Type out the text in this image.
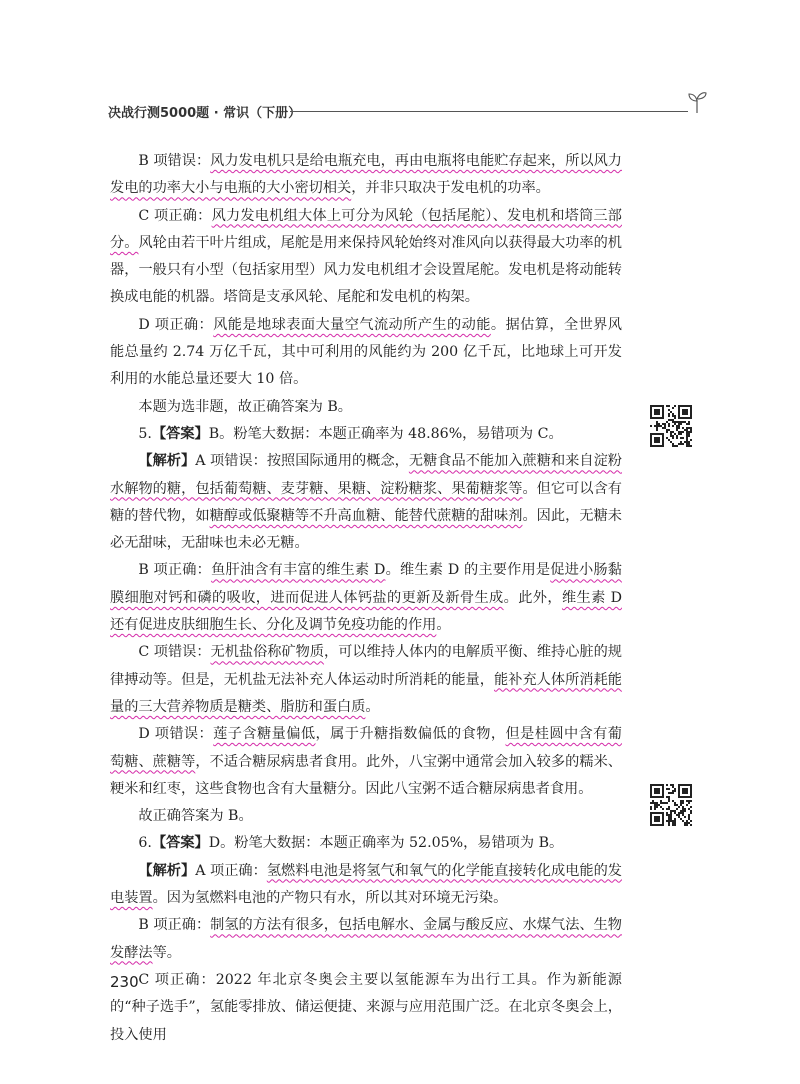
决战行测5000题 · 常识（下册）

B 项错误：风力发电机只是给电瓶充电，再由电瓶将电能贮存起来，所以风力发电的功率大小与电瓶的大小密切相关，并非只取决于发电机的功率。

C 项正确：风力发电机组大体上可分为风轮（包括尾舵）、发电机和塔筒三部分。风轮由若干叶片组成，尾舵是用来保持风轮始终对准风向以获得最大功率的机器，一般只有小型（包括家用型）风力发电机组才会设置尾舵。发电机是将动能转换成电能的机器。塔筒是支承风轮、尾舵和发电机的构架。

D 项正确：风能是地球表面大量空气流动所产生的动能。据估算，全世界风能总量约 2.74 万亿千瓦，其中可利用的风能约为 200 亿千瓦，比地球上可开发利用的水能总量还要大 10 倍。

本题为选非题，故正确答案为 B。

5.【答案】B。粉笔大数据：本题正确率为 48.86%，易错项为 C。

【解析】A 项错误：按照国际通用的概念，无糖食品不能加入蔗糖和来自淀粉水解物的糖，包括葡萄糖、麦芽糖、果糖、淀粉糖浆、果葡糖浆等。但它可以含有糖的替代物，如糖醇或低聚糖等不升高血糖、能替代蔗糖的甜味剂。因此，无糖未必无甜味，无甜味也未必无糖。

B 项正确：鱼肝油含有丰富的维生素 D。维生素 D 的主要作用是促进小肠黏膜细胞对钙和磷的吸收，进而促进人体钙盐的更新及新骨生成。此外，维生素 D 还有促进皮肤细胞生长、分化及调节免疫功能的作用。

C 项错误：无机盐俗称矿物质，可以维持人体内的电解质平衡、维持心脏的规律搏动等。但是，无机盐无法补充人体运动时所消耗的能量，能补充人体所消耗能量的三大营养物质是糖类、脂肪和蛋白质。

D 项错误：莲子含糖量偏低，属于升糖指数偏低的食物，但是桂圆中含有葡萄糖、蔗糖等，不适合糖尿病患者食用。此外，八宝粥中通常会加入较多的糯米、粳米和红枣，这些食物也含有大量糖分。因此八宝粥不适合糖尿病患者食用。

故正确答案为 B。

6.【答案】D。粉笔大数据：本题正确率为 52.05%，易错项为 B。

【解析】A 项正确：氢燃料电池是将氢气和氧气的化学能直接转化成电能的发电装置。因为氢燃料电池的产物只有水，所以其对环境无污染。

B 项正确：制氢的方法有很多，包括电解水、金属与酸反应、水煤气法、生物发酵法等。

C 项正确：2022 年北京冬奥会主要以氢能源车为出行工具。作为新能源的“种子选手”，氢能零排放、储运便捷、来源与应用范围广泛。在北京冬奥会上，投入使用

230
